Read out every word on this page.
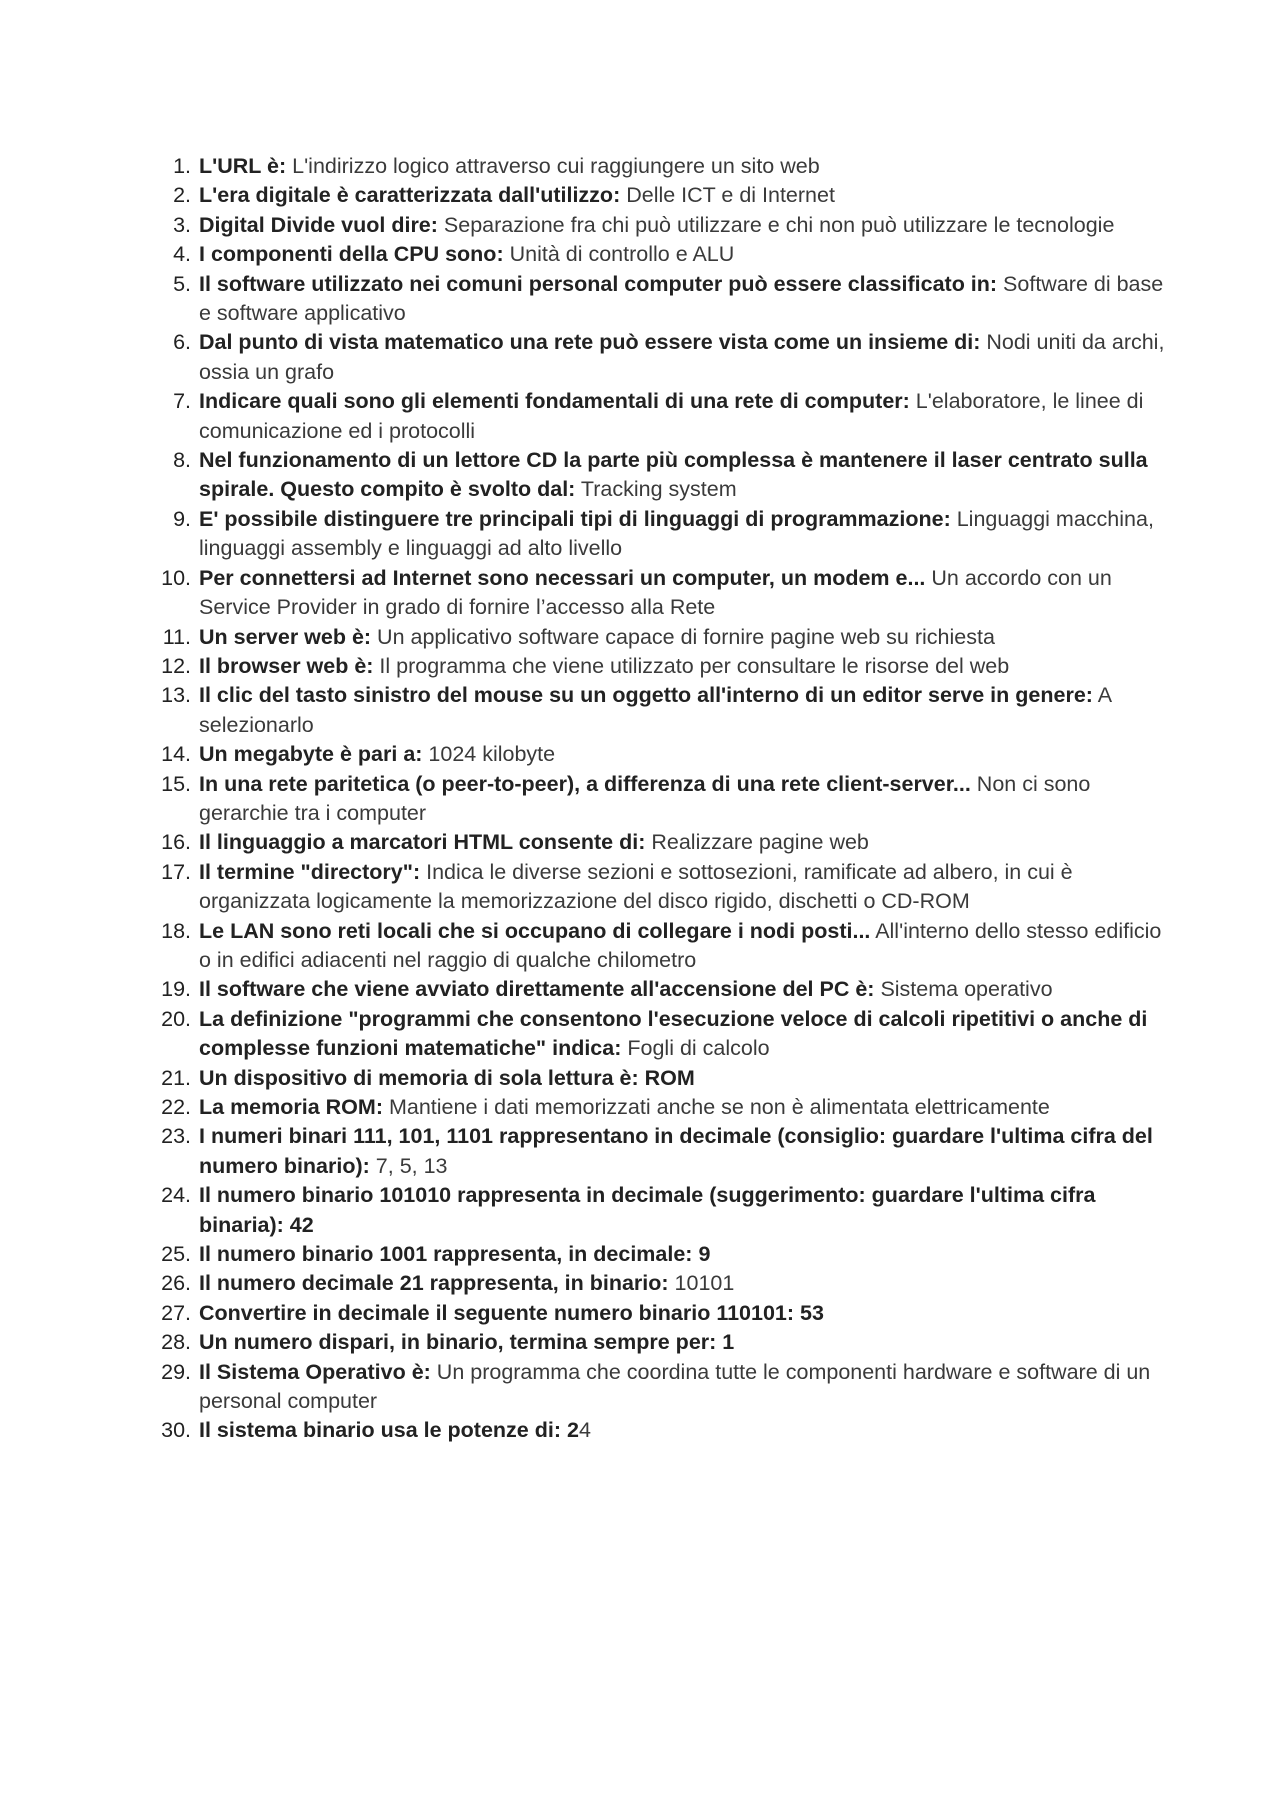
1. L'URL è: L'indirizzo logico attraverso cui raggiungere un sito web
2. L'era digitale è caratterizzata dall'utilizzo: Delle ICT e di Internet
3. Digital Divide vuol dire: Separazione fra chi può utilizzare e chi non può utilizzare le tecnologie
4. I componenti della CPU sono: Unità di controllo e ALU
5. Il software utilizzato nei comuni personal computer può essere classificato in: Software di base e software applicativo
6. Dal punto di vista matematico una rete può essere vista come un insieme di: Nodi uniti da archi, ossia un grafo
7. Indicare quali sono gli elementi fondamentali di una rete di computer: L'elaboratore, le linee di comunicazione ed i protocolli
8. Nel funzionamento di un lettore CD la parte più complessa è mantenere il laser centrato sulla spirale. Questo compito è svolto dal: Tracking system
9. E' possibile distinguere tre principali tipi di linguaggi di programmazione: Linguaggi macchina, linguaggi assembly e linguaggi ad alto livello
10. Per connettersi ad Internet sono necessari un computer, un modem e... Un accordo con un Service Provider in grado di fornire l’accesso alla Rete
11. Un server web è: Un applicativo software capace di fornire pagine web su richiesta
12. Il browser web è: Il programma che viene utilizzato per consultare le risorse del web
13. Il clic del tasto sinistro del mouse su un oggetto all'interno di un editor serve in genere: A selezionarlo
14. Un megabyte è pari a: 1024 kilobyte
15. In una rete paritetica (o peer-to-peer), a differenza di una rete client-server... Non ci sono gerarchie tra i computer
16. Il linguaggio a marcatori HTML consente di: Realizzare pagine web
17. Il termine "directory": Indica le diverse sezioni e sottosezioni, ramificate ad albero, in cui è organizzata logicamente la memorizzazione del disco rigido, dischetti o CD-ROM
18. Le LAN sono reti locali che si occupano di collegare i nodi posti... All'interno dello stesso edificio o in edifici adiacenti nel raggio di qualche chilometro
19. Il software che viene avviato direttamente all'accensione del PC è: Sistema operativo
20. La definizione "programmi che consentono l'esecuzione veloce di calcoli ripetitivi o anche di complesse funzioni matematiche" indica: Fogli di calcolo
21. Un dispositivo di memoria di sola lettura è: ROM
22. La memoria ROM: Mantiene i dati memorizzati anche se non è alimentata elettricamente
23. I numeri binari 111, 101, 1101 rappresentano in decimale (consiglio: guardare l'ultima cifra del numero binario): 7, 5, 13
24. Il numero binario 101010 rappresenta in decimale (suggerimento: guardare l'ultima cifra binaria): 42
25. Il numero binario 1001 rappresenta, in decimale: 9
26. Il numero decimale 21 rappresenta, in binario: 10101
27. Convertire in decimale il seguente numero binario 110101: 53
28. Un numero dispari, in binario, termina sempre per: 1
29. Il Sistema Operativo è: Un programma che coordina tutte le componenti hardware e software di un personal computer
30. Il sistema binario usa le potenze di: 24
